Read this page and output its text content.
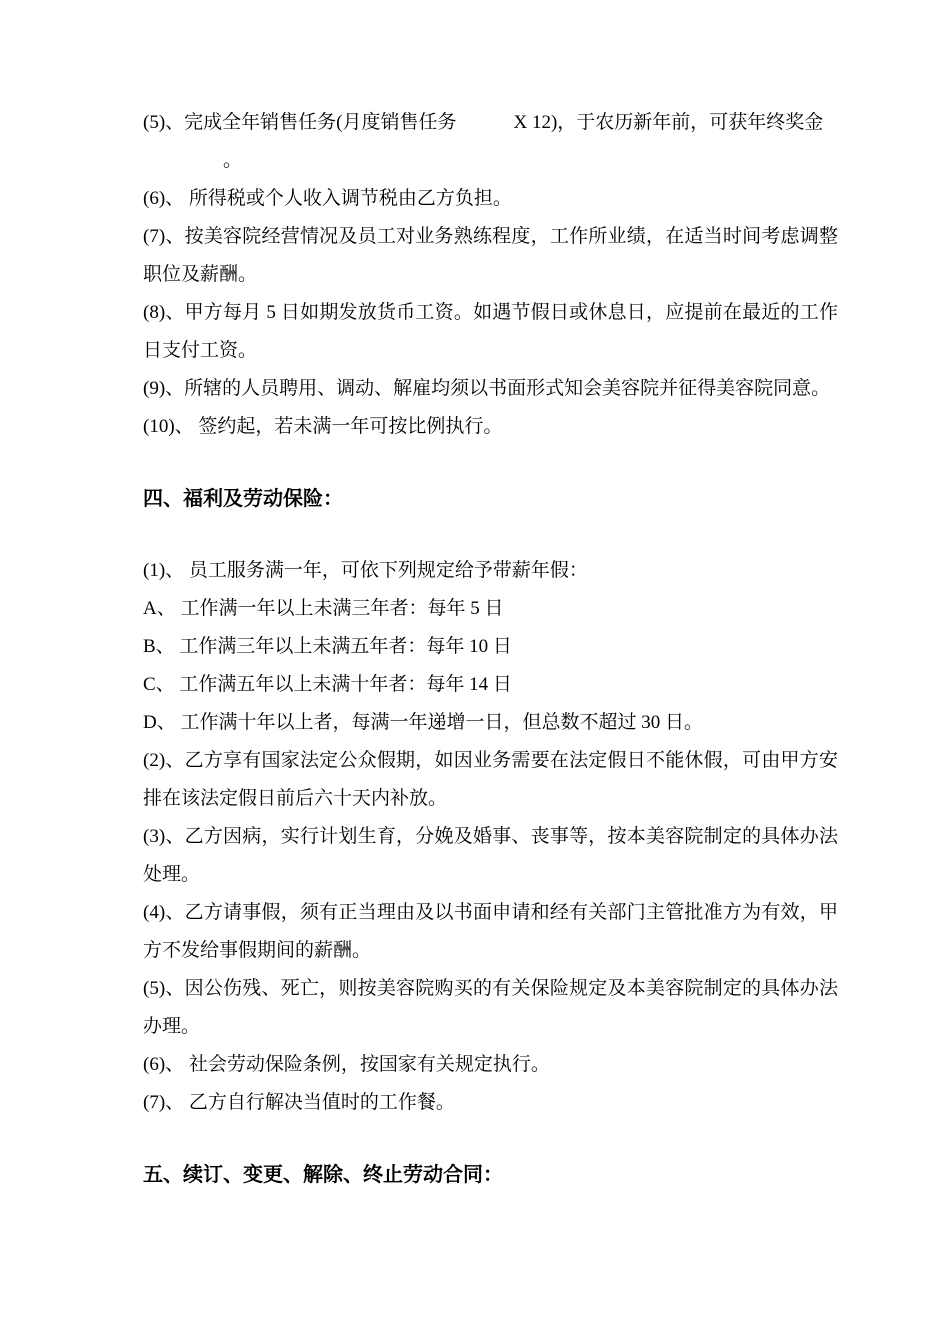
(5)、完成全年销售任务(月度销售任务　　　X 12)，于农历新年前，可获年终奖金

。

(6)、 所得税或个人收入调节税由乙方负担。

(7)、按美容院经营情况及员工对业务熟练程度，工作所业绩，在适当时间考虑调整职位及薪酬。

(8)、甲方每月 5 日如期发放货币工资。如遇节假日或休息日，应提前在最近的工作日支付工资。

(9)、所辖的人员聘用、调动、解雇均须以书面形式知会美容院并征得美容院同意。

(10)、 签约起，若未满一年可按比例执行。

四、福利及劳动保险：

(1)、 员工服务满一年，可依下列规定给予带薪年假：

A、 工作满一年以上未满三年者：每年 5 日

B、 工作满三年以上未满五年者：每年 10 日

C、 工作满五年以上未满十年者：每年 14 日

D、 工作满十年以上者，每满一年递增一日，但总数不超过 30 日。

(2)、乙方享有国家法定公众假期，如因业务需要在法定假日不能休假，可由甲方安排在该法定假日前后六十天内补放。

(3)、乙方因病，实行计划生育，分娩及婚事、丧事等，按本美容院制定的具体办法处理。

(4)、乙方请事假，须有正当理由及以书面申请和经有关部门主管批准方为有效，甲方不发给事假期间的薪酬。

(5)、因公伤残、死亡，则按美容院购买的有关保险规定及本美容院制定的具体办法办理。

(6)、 社会劳动保险条例，按国家有关规定执行。

(7)、 乙方自行解决当值时的工作餐。

五、续订、变更、解除、终止劳动合同：
